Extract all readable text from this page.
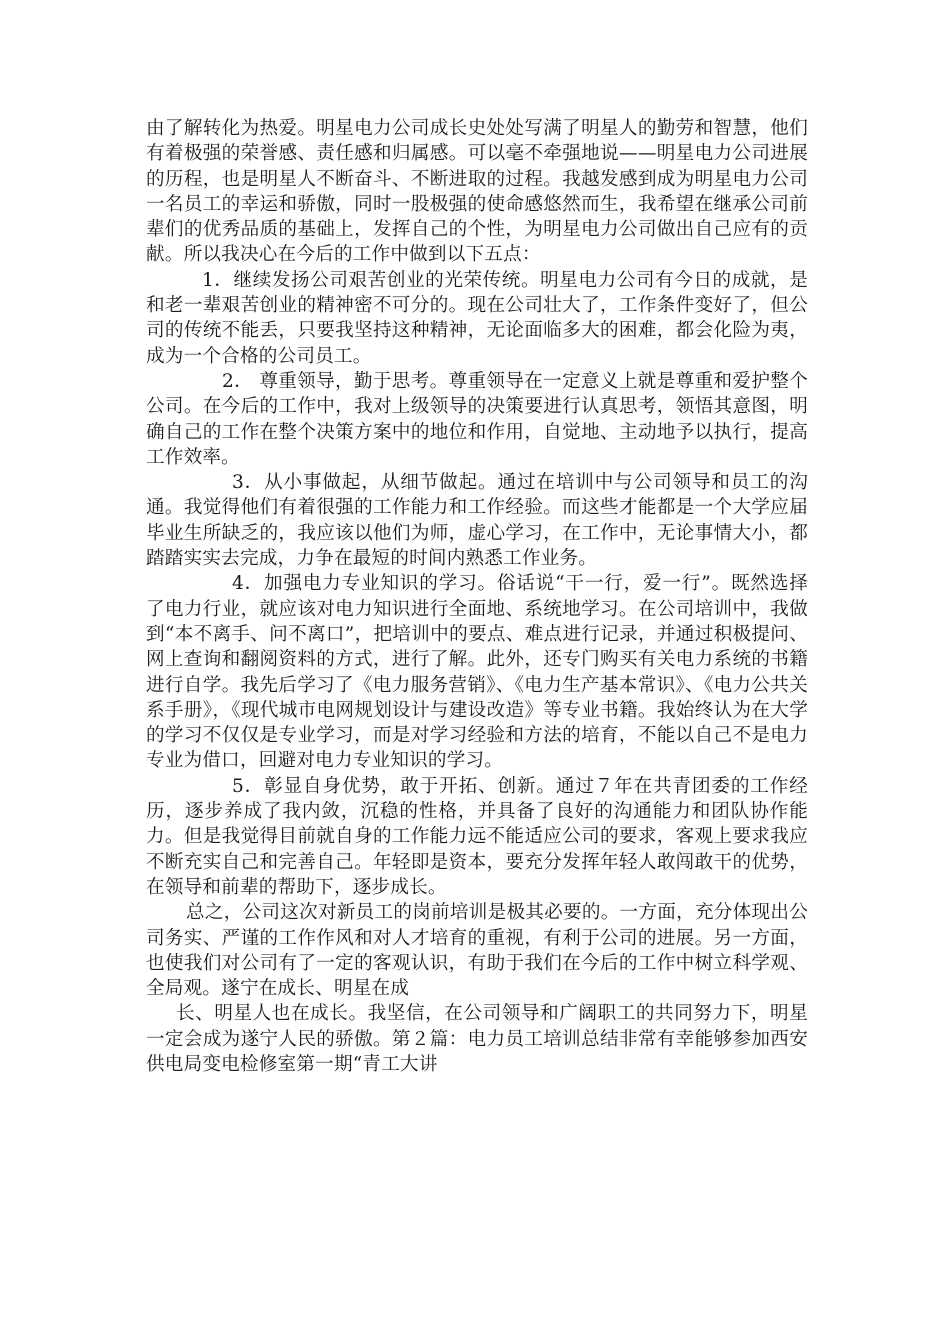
由了解转化为热爱。明星电力公司成长史处处写满了明星人的勤劳和智慧，他们有着极强的荣誉感、责任感和归属感。可以毫不牵强地说——明星电力公司进展的历程，也是明星人不断奋斗、不断进取的过程。我越发感到成为明星电力公司一名员工的幸运和骄傲，同时一股极强的使命感悠然而生，我希望在继承公司前辈们的优秀品质的基础上，发挥自己的个性，为明星电力公司做出自己应有的贡献。所以我决心在今后的工作中做到以下五点：

1．继续发扬公司艰苦创业的光荣传统。明星电力公司有今日的成就，是和老一辈艰苦创业的精神密不可分的。现在公司壮大了，工作条件变好了，但公司的传统不能丢，只要我坚持这种精神，无论面临多大的困难，都会化险为夷，成为一个合格的公司员工。

2． 尊重领导，勤于思考。尊重领导在一定意义上就是尊重和爱护整个公司。在今后的工作中，我对上级领导的决策要进行认真思考，领悟其意图，明确自己的工作在整个决策方案中的地位和作用，自觉地、主动地予以执行，提高工作效率。

3．从小事做起，从细节做起。通过在培训中与公司领导和员工的沟通。我觉得他们有着很强的工作能力和工作经验。而这些才能都是一个大学应届毕业生所缺乏的，我应该以他们为师，虚心学习，在工作中，无论事情大小，都踏踏实实去完成，力争在最短的时间内熟悉工作业务。

4．加强电力专业知识的学习。俗话说“干一行，爱一行”。既然选择了电力行业，就应该对电力知识进行全面地、系统地学习。在公司培训中，我做到“本不离手、问不离口”，把培训中的要点、难点进行记录，并通过积极提问、网上查询和翻阅资料的方式，进行了解。此外，还专门购买有关电力系统的书籍进行自学。我先后学习了《电力服务营销》、《电力生产基本常识》、《电力公共关系手册》，《现代城市电网规划设计与建设改造》等专业书籍。我始终认为在大学的学习不仅仅是专业学习，而是对学习经验和方法的培育，不能以自己不是电力专业为借口，回避对电力专业知识的学习。

5．彰显自身优势，敢于开拓、创新。通过７年在共青团委的工作经历，逐步养成了我内敛，沉稳的性格，并具备了良好的沟通能力和团队协作能力。但是我觉得目前就自身的工作能力远不能适应公司的要求，客观上要求我应不断充实自己和完善自己。年轻即是资本，要充分发挥年轻人敢闯敢干的优势，在领导和前辈的帮助下，逐步成长。

总之，公司这次对新员工的岗前培训是极其必要的。一方面，充分体现出公司务实、严谨的工作作风和对人才培育的重视，有利于公司的进展。另一方面，也使我们对公司有了一定的客观认识，有助于我们在今后的工作中树立科学观、全局观。遂宁在成长、明星在成

长、明星人也在成长。我坚信，在公司领导和广阔职工的共同努力下，明星一定会成为遂宁人民的骄傲。第２篇：电力员工培训总结非常有幸能够参加西安供电局变电检修室第一期“青工大讲
